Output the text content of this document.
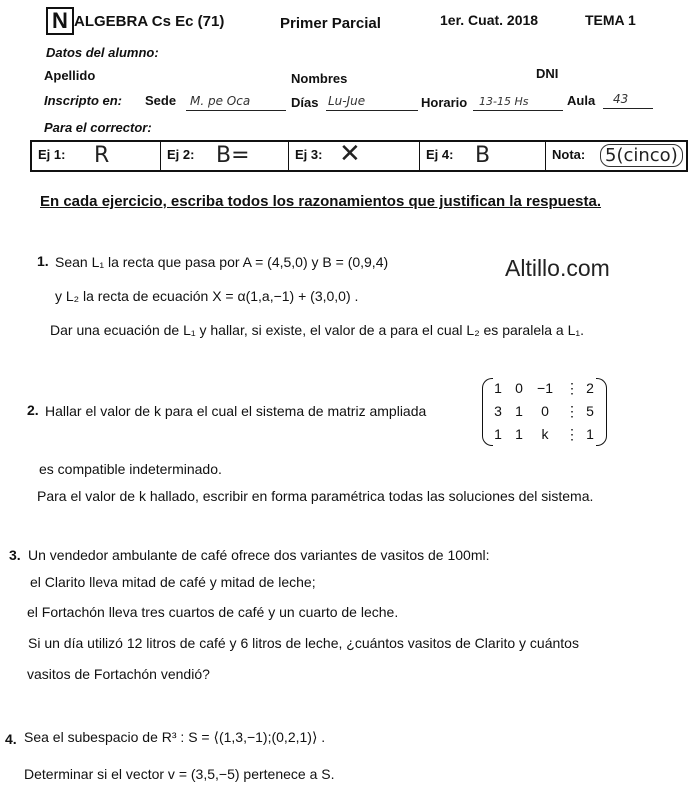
N ALGEBRA Cs Ec (71)	Primer Parcial	1er. Cuat. 2018	TEMA 1
Datos del alumno:
Apellido	Nombres	DNI
Inscripto en: Sede	M. pe Oca	Días Lu-Jue	Horario	13-15 Hs	Aula	43
Para el corrector:
Ej 1: R	Ej 2: B=	Ej 3: ✕	Ej 4: B	Nota: 5(cinco)
En cada ejercicio, escriba todos los razonamientos que justifican la respuesta.
Altillo.com
1. Sean L₁ la recta que pasa por A = (4,5,0) y B = (0,9,4)
y L₂ la recta de ecuación X = α(1,a,−1) + (3,0,0) .
Dar una ecuación de L₁ y hallar, si existe, el valor de a para el cual L₂ es paralela a L₁.
2. Hallar el valor de k para el cual el sistema de matriz ampliada
1 0 −1 ⋮ 2
3 1 0 ⋮ 5
1 1	k	⋮ 1
es compatible indeterminado.
Para el valor de k hallado, escribir en forma paramétrica todas las soluciones del sistema.
3. Un vendedor ambulante de café ofrece dos variantes de vasitos de 100ml:
el Clarito lleva mitad de café y mitad de leche;
el Fortachón lleva tres cuartos de café y un cuarto de leche.
Si un día utilizó 12 litros de café y 6 litros de leche, ¿cuántos vasitos de Clarito y cuántos
vasitos de Fortachón vendió?
4. Sea el subespacio de R³ : S = ⟨(1,3,−1);(0,2,1)⟩ .
Determinar si el vector v = (3,5,−5) pertenece a S.
